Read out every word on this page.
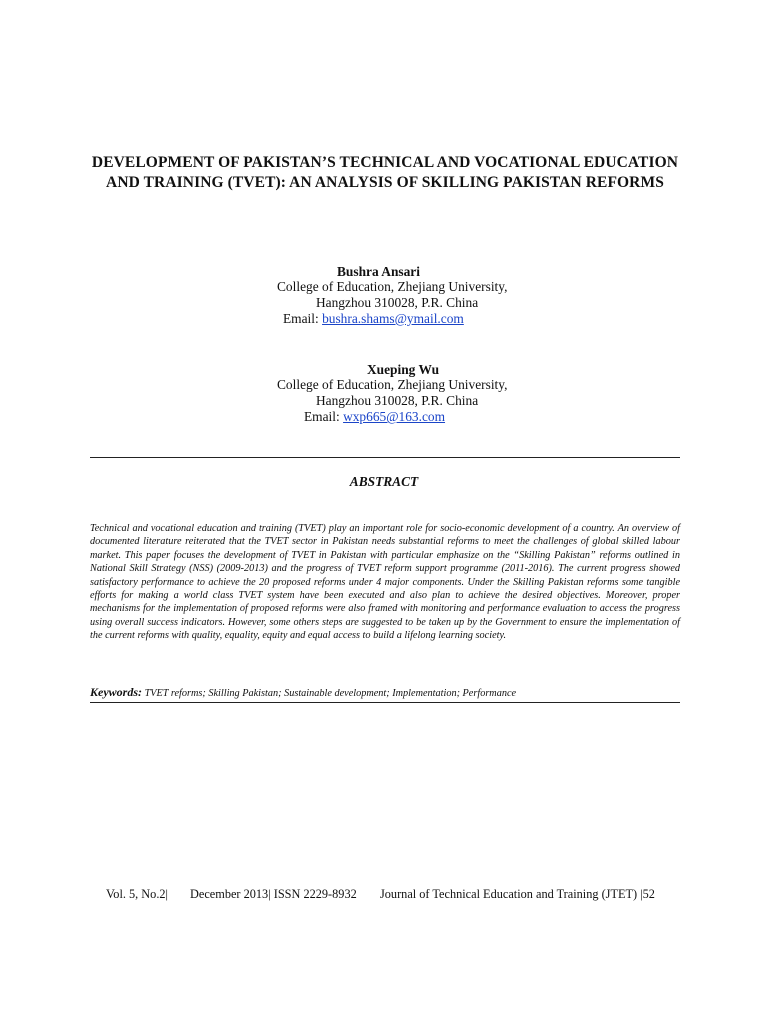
DEVELOPMENT OF PAKISTAN’S TECHNICAL AND VOCATIONAL EDUCATION AND TRAINING (TVET): AN ANALYSIS OF SKILLING PAKISTAN REFORMS
Bushra Ansari
College of Education, Zhejiang University,
Hangzhou 310028, P.R. China
Email: bushra.shams@ymail.com
Xueping Wu
College of Education, Zhejiang University,
Hangzhou 310028, P.R. China
Email: wxp665@163.com
ABSTRACT
Technical and vocational education and training (TVET) play an important role for socio-economic development of a country. An overview of documented literature reiterated that the TVET sector in Pakistan needs substantial reforms to meet the challenges of global skilled labour market. This paper focuses the development of TVET in Pakistan with particular emphasize on the “Skilling Pakistan” reforms outlined in National Skill Strategy (NSS) (2009-2013) and the progress of TVET reform support programme (2011-2016). The current progress showed satisfactory performance to achieve the 20 proposed reforms under 4 major components. Under the Skilling Pakistan reforms some tangible efforts for making a world class TVET system have been executed and also plan to achieve the desired objectives. Moreover, proper mechanisms for the implementation of proposed reforms were also framed with monitoring and performance evaluation to access the progress using overall success indicators. However, some others steps are suggested to be taken up by the Government to ensure the implementation of the current reforms with quality, equality, equity and equal access to build a lifelong learning society.
Keywords: TVET reforms; Skilling Pakistan; Sustainable development; Implementation; Performance
Vol. 5, No.2| December 2013| ISSN 2229-8932 Journal of Technical Education and Training (JTET) |52
